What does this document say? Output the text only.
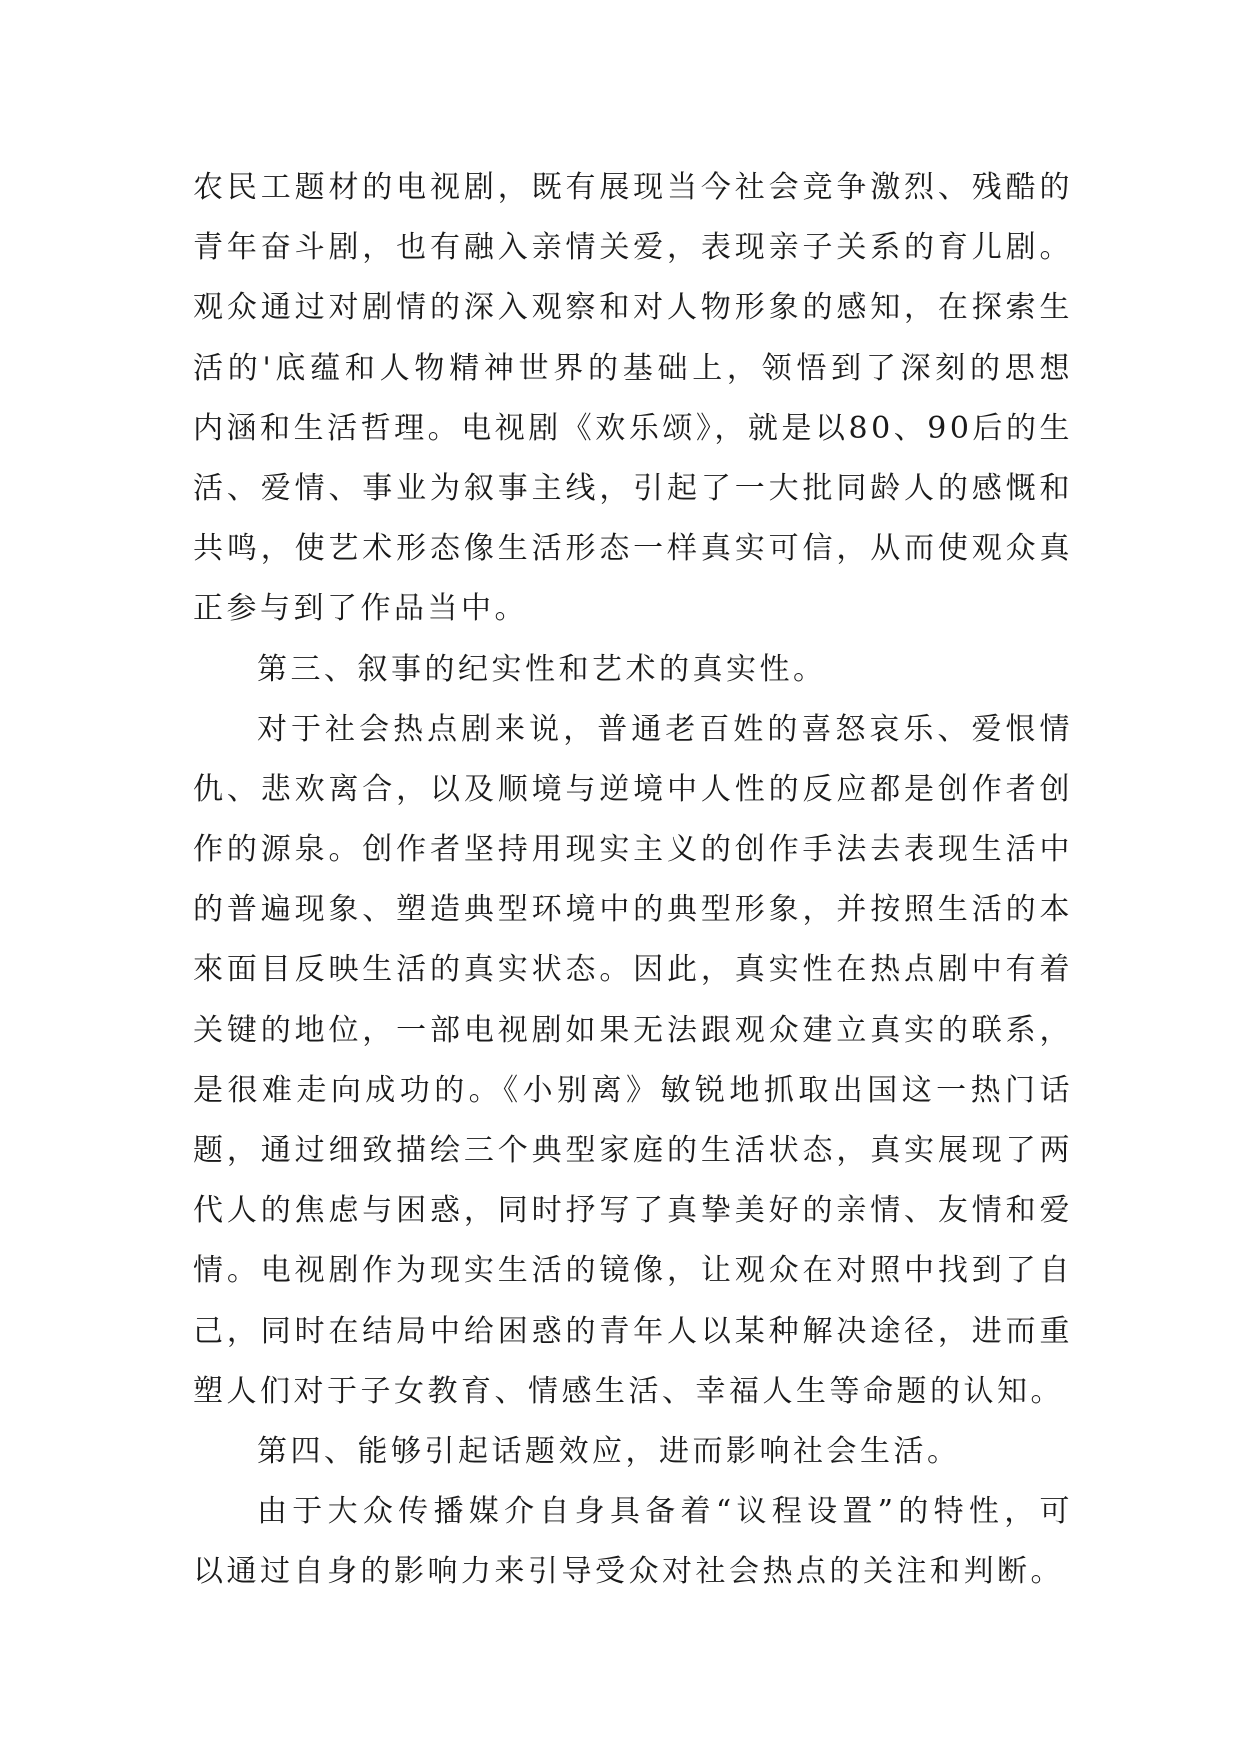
农民工题材的电视剧，既有展现当今社会竞争激烈、残酷的
青年奋斗剧，也有融入亲情关爱，表现亲子关系的育儿剧。
观众通过对剧情的深入观察和对人物形象的感知，在探索生
活的'底蕴和人物精神世界的基础上，领悟到了深刻的思想
内涵和生活哲理。电视剧《欢乐颂》，就是以80、90后的生
活、爱情、事业为叙事主线，引起了一大批同龄人的感慨和
共鸣，使艺术形态像生活形态一样真实可信，从而使观众真
正参与到了作品当中。
第三、叙事的纪实性和艺术的真实性。
对于社会热点剧来说，普通老百姓的喜怒哀乐、爱恨情
仇、悲欢离合，以及顺境与逆境中人性的反应都是创作者创
作的源泉。创作者坚持用现实主义的创作手法去表现生活中
的普遍现象、塑造典型环境中的典型形象，并按照生活的本
來面目反映生活的真实状态。因此，真实性在热点剧中有着
关键的地位，一部电视剧如果无法跟观众建立真实的联系，
是很难走向成功的。《小别离》敏锐地抓取出国这一热门话
题，通过细致描绘三个典型家庭的生活状态，真实展现了两
代人的焦虑与困惑，同时抒写了真挚美好的亲情、友情和爱
情。电视剧作为现实生活的镜像，让观众在对照中找到了自
己，同时在结局中给困惑的青年人以某种解决途径，进而重
塑人们对于子女教育、情感生活、幸福人生等命题的认知。
第四、能够引起话题效应，进而影响社会生活。
由于大众传播媒介自身具备着“议程设置”的特性，可
以通过自身的影响力来引导受众对社会热点的关注和判断。
